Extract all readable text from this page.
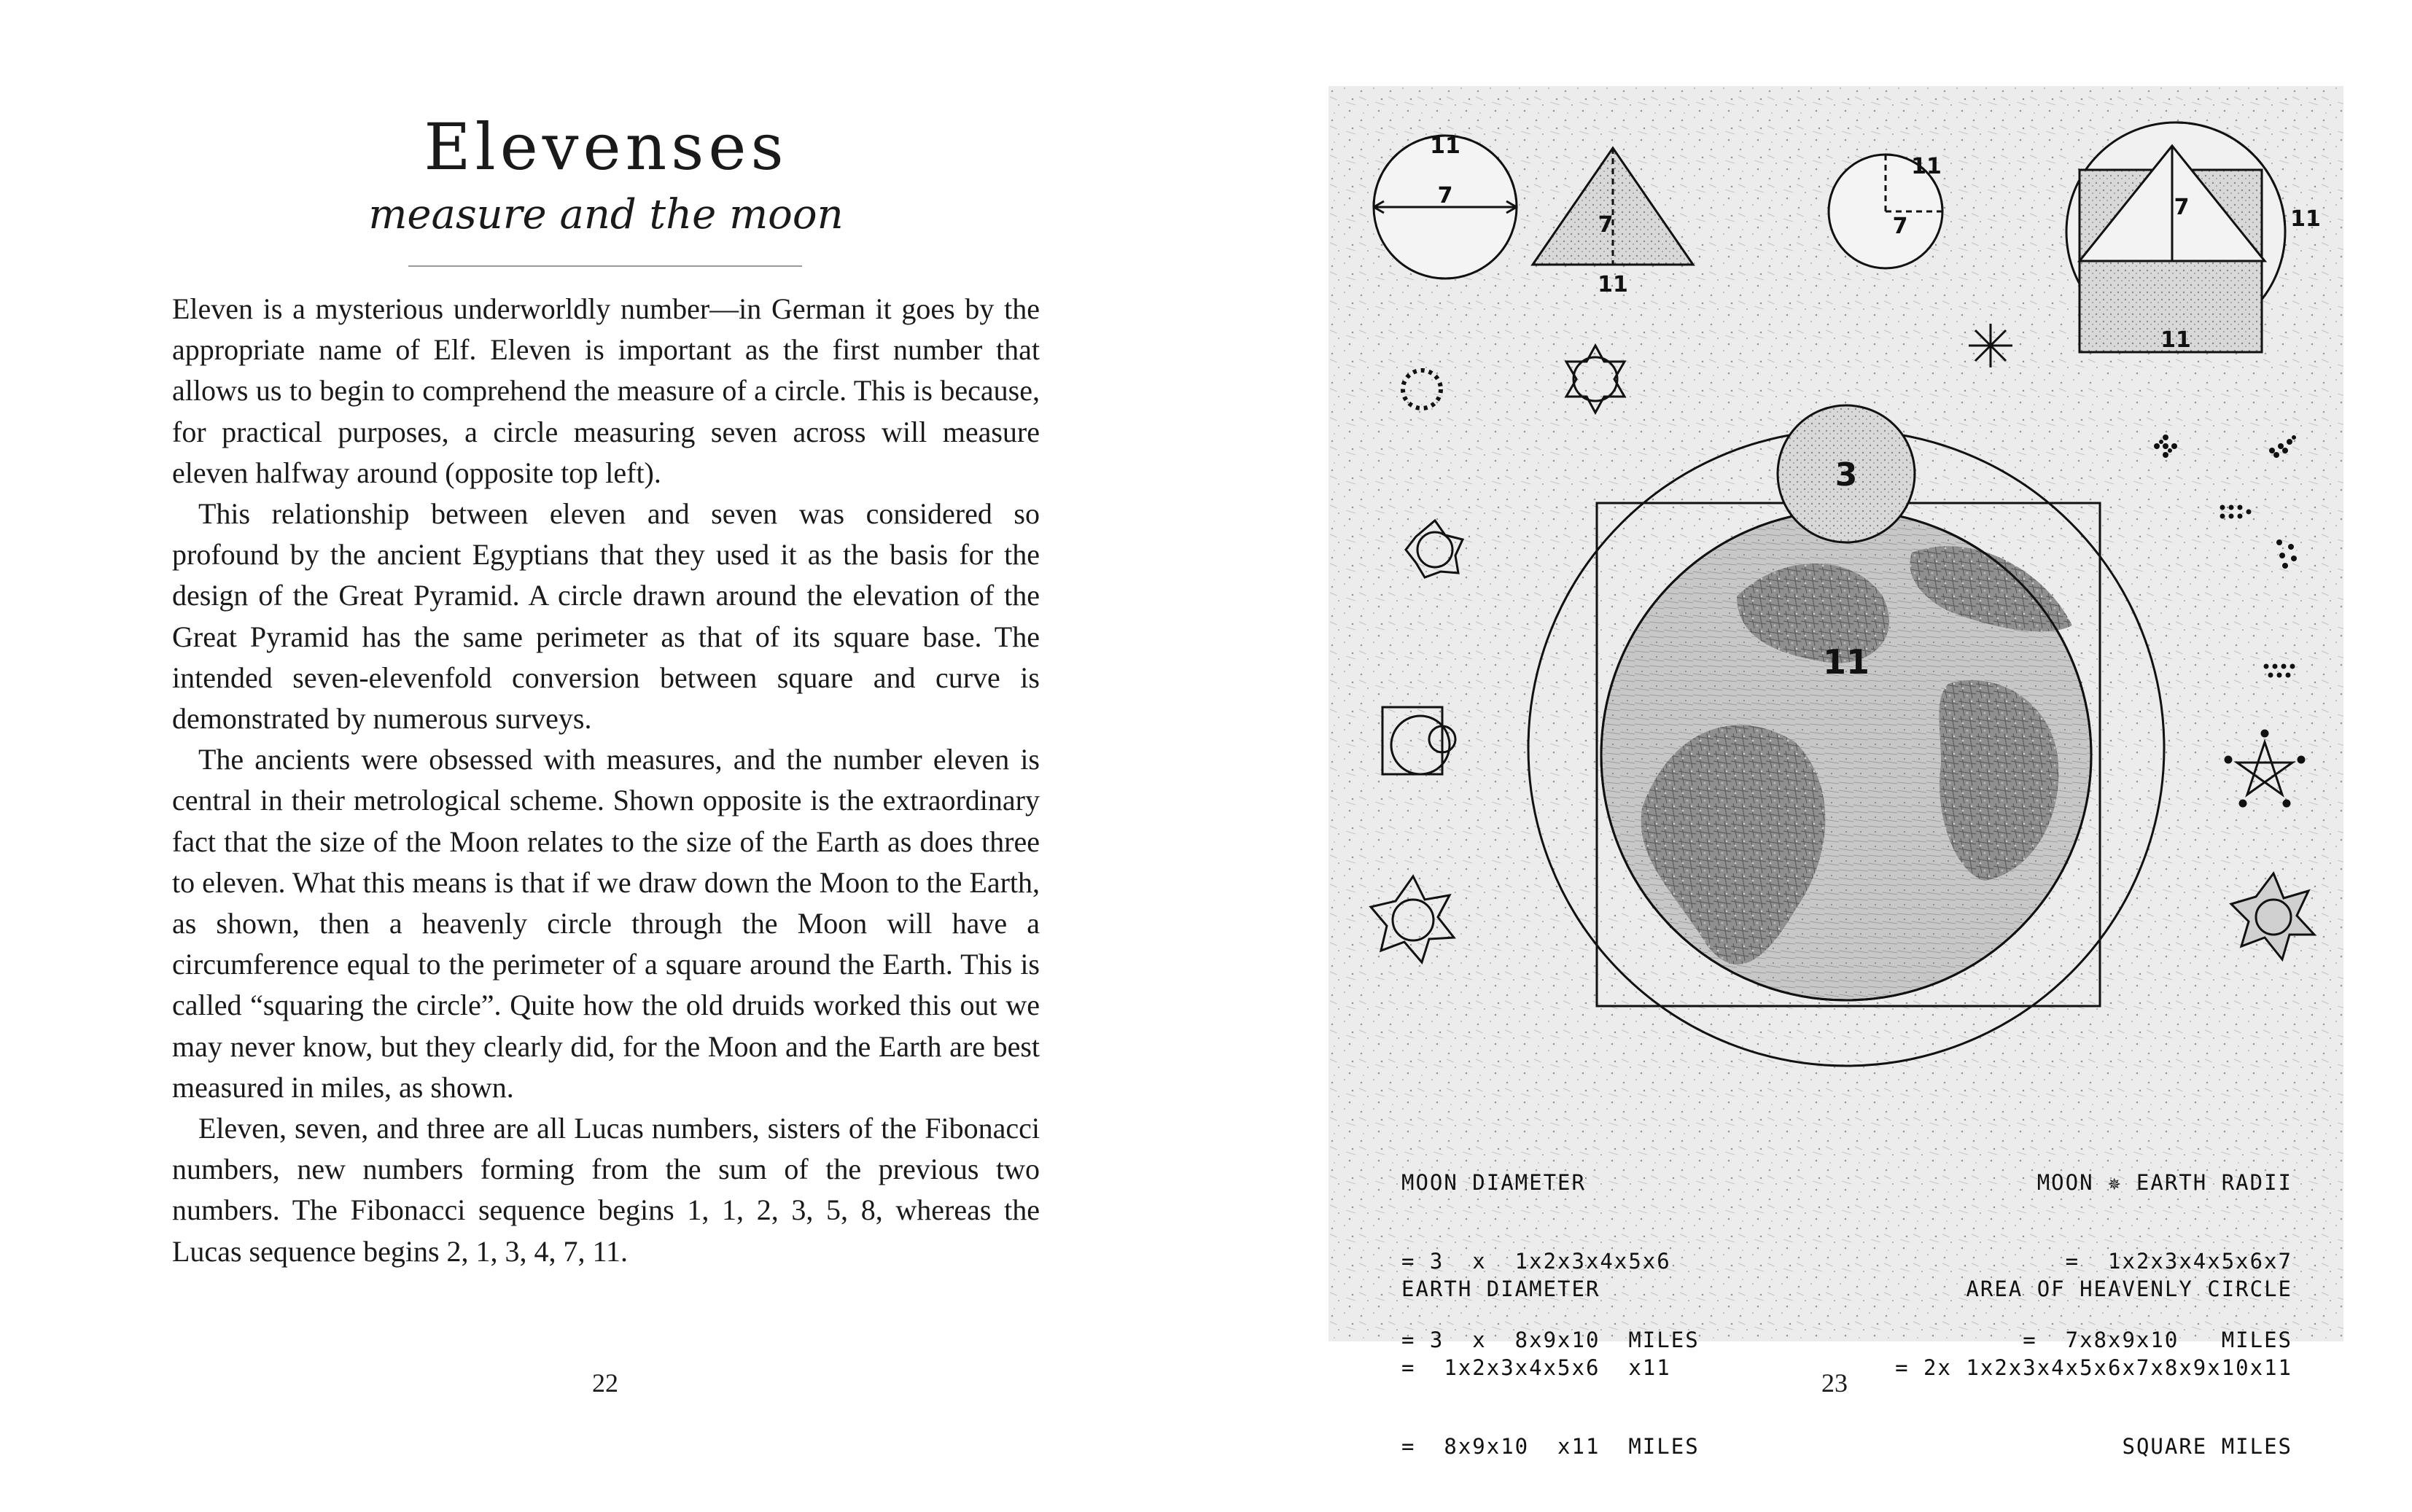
Elevenses
measure and the moon

Eleven is a mysterious underworldly number—in German it goes by the appropriate name of Elf. Eleven is important as the first number that allows us to begin to comprehend the measure of a circle. This is because, for practical purposes, a circle measuring seven across will measure eleven halfway around (opposite top left).

This relationship between eleven and seven was considered so profound by the ancient Egyptians that they used it as the basis for the design of the Great Pyramid. A circle drawn around the elevation of the Great Pyramid has the same perimeter as that of its square base. The intended seven-elevenfold conversion between square and curve is demonstrated by numerous surveys.

The ancients were obsessed with measures, and the number eleven is central in their metrological scheme. Shown opposite is the extraordinary fact that the size of the Moon relates to the size of the Earth as does three to eleven. What this means is that if we draw down the Moon to the Earth, as shown, then a heavenly circle through the Moon will have a circumference equal to the perimeter of a square around the Earth. This is called “squaring the circle”. Quite how the old druids worked this out we may never know, but they clearly did, for the Moon and the Earth are best measured in miles, as shown.

Eleven, seven, and three are all Lucas numbers, sisters of the Fibonacci numbers, new numbers forming from the sum of the previous two numbers. The Fibonacci sequence begins 1, 1, 2, 3, 5, 8, whereas the Lucas sequence begins 2, 1, 3, 4, 7, 11.

22
11
7
7
11
7
11
7	11
11
3
11

MOON DIAMETER

= 3  x  1x2x3x4x5x6

= 3  x  8x9x10  MILES

EARTH DIAMETER

=  1x2x3x4x5x6  x11

=  8x9x10  x11  MILES

MOON ✵ EARTH RADII

=  1x2x3x4x5x6x7

=  7x8x9x10   MILES

AREA OF HEAVENLY CIRCLE

= 2x 1x2x3x4x5x6x7x8x9x10x11

SQUARE MILES

23
